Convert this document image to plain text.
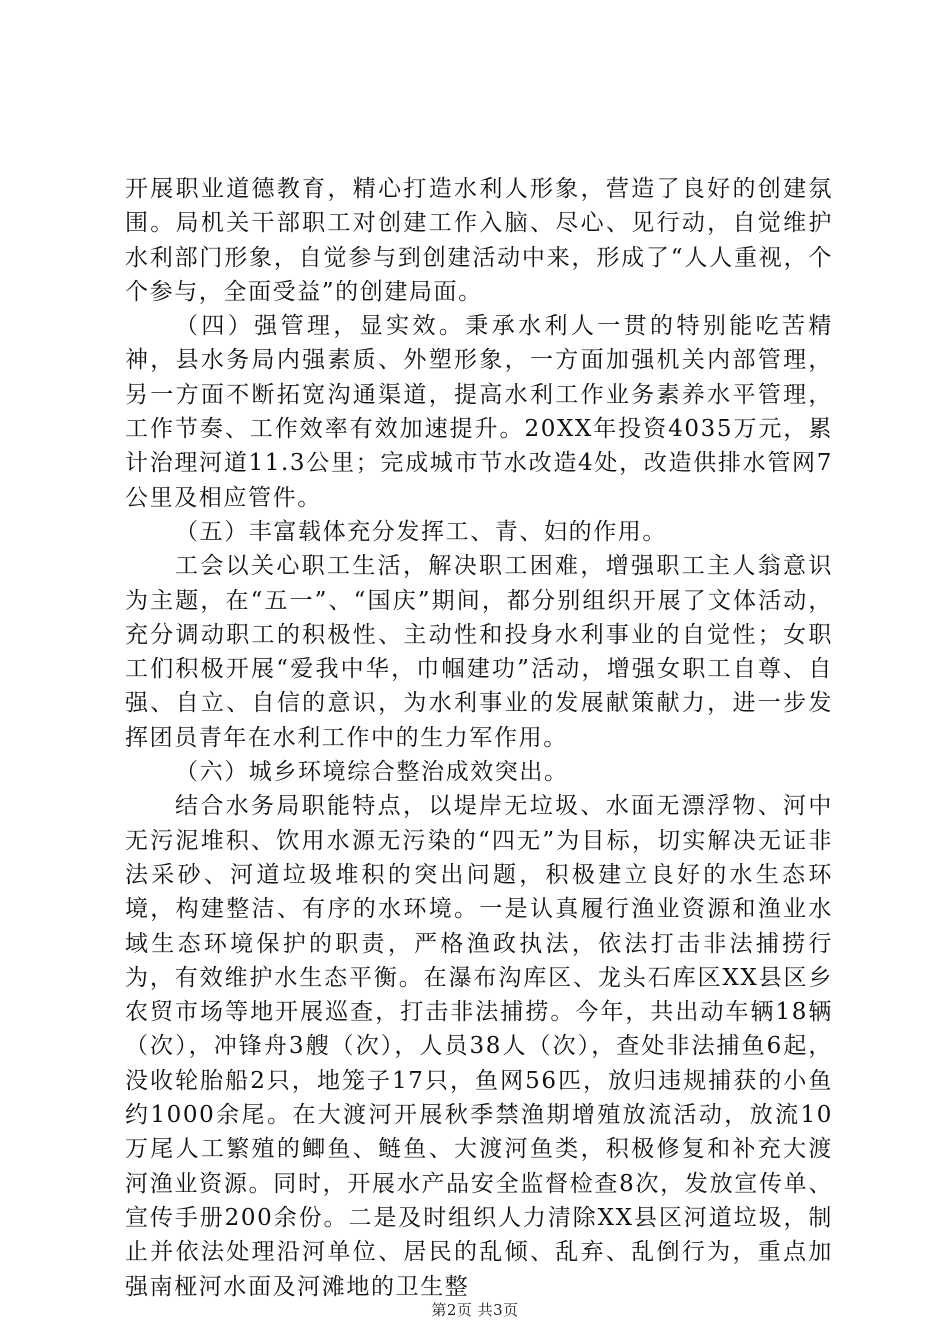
开展职业道德教育，精心打造水利人形象，营造了良好的创建氛围。局机关干部职工对创建工作入脑、尽心、见行动，自觉维护水利部门形象，自觉参与到创建活动中来，形成了“人人重视，个个参与，全面受益”的创建局面。

（四）强管理，显实效。秉承水利人一贯的特别能吃苦精神，县水务局内强素质、外塑形象，一方面加强机关内部管理，另一方面不断拓宽沟通渠道，提高水利工作业务素养水平管理，工作节奏、工作效率有效加速提升。20XX年投资4035万元，累计治理河道11.3公里；完成城市节水改造4处，改造供排水管网7公里及相应管件。

（五）丰富载体充分发挥工、青、妇的作用。

工会以关心职工生活，解决职工困难，增强职工主人翁意识为主题，在“五一”、“国庆”期间，都分别组织开展了文体活动，充分调动职工的积极性、主动性和投身水利事业的自觉性；女职工们积极开展“爱我中华，巾帼建功”活动，增强女职工自尊、自强、自立、自信的意识，为水利事业的发展献策献力，进一步发挥团员青年在水利工作中的生力军作用。

（六）城乡环境综合整治成效突出。

结合水务局职能特点，以堤岸无垃圾、水面无漂浮物、河中无污泥堆积、饮用水源无污染的“四无”为目标，切实解决无证非法采砂、河道垃圾堆积的突出问题，积极建立良好的水生态环境，构建整洁、有序的水环境。一是认真履行渔业资源和渔业水域生态环境保护的职责，严格渔政执法，依法打击非法捕捞行为，有效维护水生态平衡。在瀑布沟库区、龙头石库区XX县区乡农贸市场等地开展巡查，打击非法捕捞。今年，共出动车辆18辆（次），冲锋舟3艘（次），人员38人（次），查处非法捕鱼6起，没收轮胎船2只，地笼子17只，鱼网56匹，放归违规捕获的小鱼约1000余尾。在大渡河开展秋季禁渔期增殖放流活动，放流10万尾人工繁殖的鲫鱼、鲢鱼、大渡河鱼类，积极修复和补充大渡河渔业资源。同时，开展水产品安全监督检查8次，发放宣传单、宣传手册200余份。二是及时组织人力清除XX县区河道垃圾，制止并依法处理沿河单位、居民的乱倾、乱弃、乱倒行为，重点加强南桠河水面及河滩地的卫生整

第2页 共3页
